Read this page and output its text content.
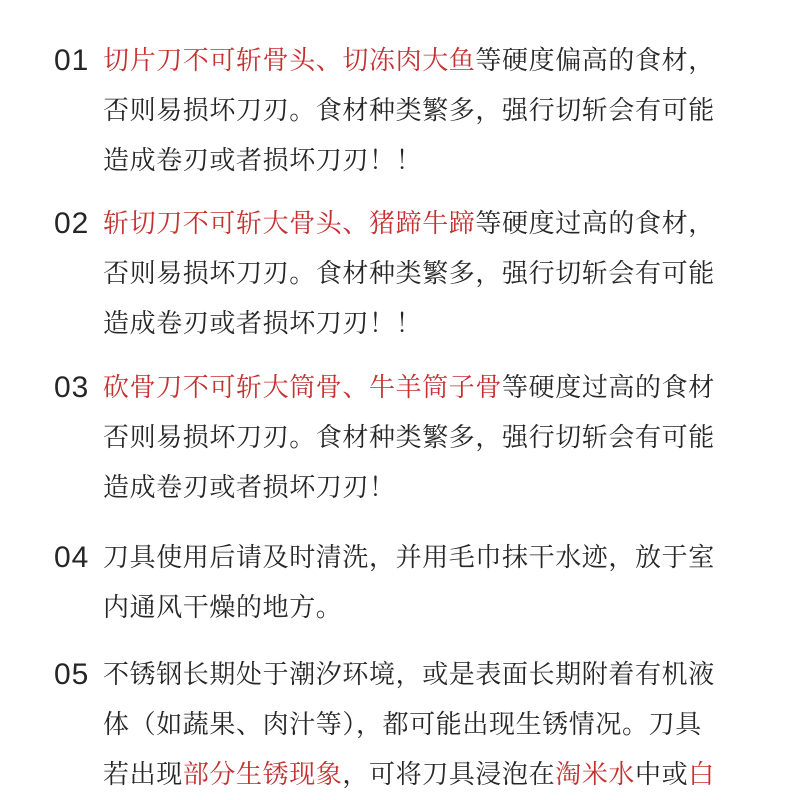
01 切片刀不可斩骨头、切冻肉大鱼等硬度偏高的食材，
否则易损坏刀刃。食材种类繁多，强行切斩会有可能
造成卷刃或者损坏刀刃！！
02 斩切刀不可斩大骨头、猪蹄牛蹄等硬度过高的食材，
否则易损坏刀刃。食材种类繁多，强行切斩会有可能
造成卷刃或者损坏刀刃！！
03 砍骨刀不可斩大筒骨、牛羊筒子骨等硬度过高的食材
否则易损坏刀刃。食材种类繁多，强行切斩会有可能
造成卷刃或者损坏刀刃！
04 刀具使用后请及时清洗，并用毛巾抹干水迹，放于室
内通风干燥的地方。
05 不锈钢长期处于潮汐环境，或是表面长期附着有机液
体（如蔬果、肉汁等），都可能出现生锈情况。刀具
若出现部分生锈现象，可将刀具浸泡在淘米水中或白
